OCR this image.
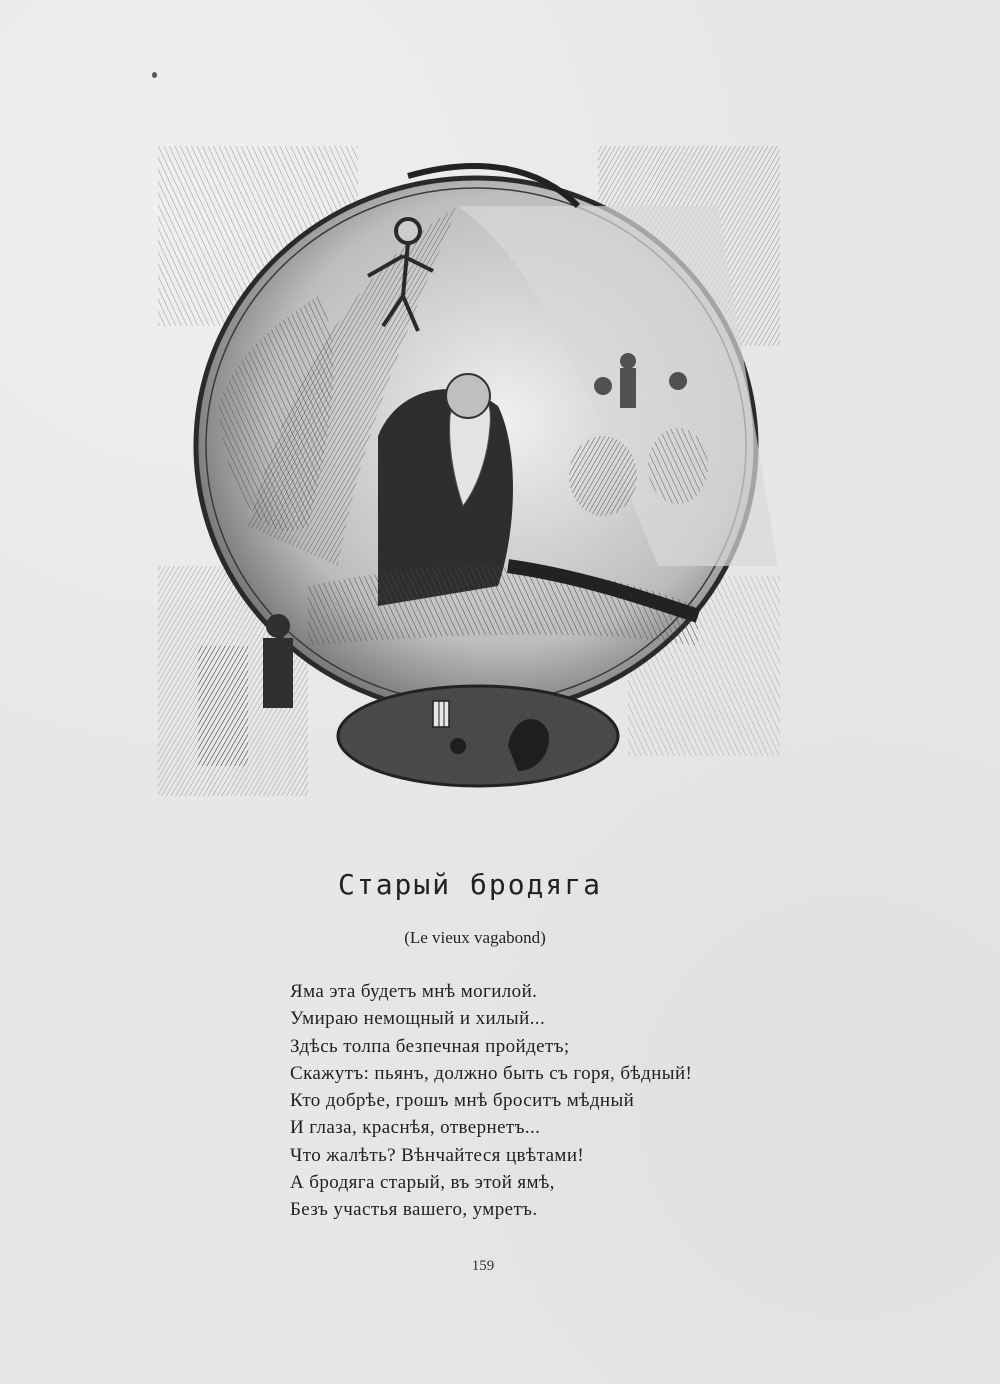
Старый бродяга
(Le vieux vagabond)
Яма эта будетъ мнѣ могилой.
Умираю немощный и хилый...
Здѣсь толпа безпечная пройдетъ;
Скажутъ: пьянъ, должно быть съ горя, бѣдный!
Кто добрѣе, грошъ мнѣ броситъ мѣдный
И глаза, краснѣя, отвернетъ...
Что жалѣть? Вѣнчайтеся цвѣтами!
А бродяга старый, въ этой ямѣ,
Безъ участья вашего, умретъ.
159
